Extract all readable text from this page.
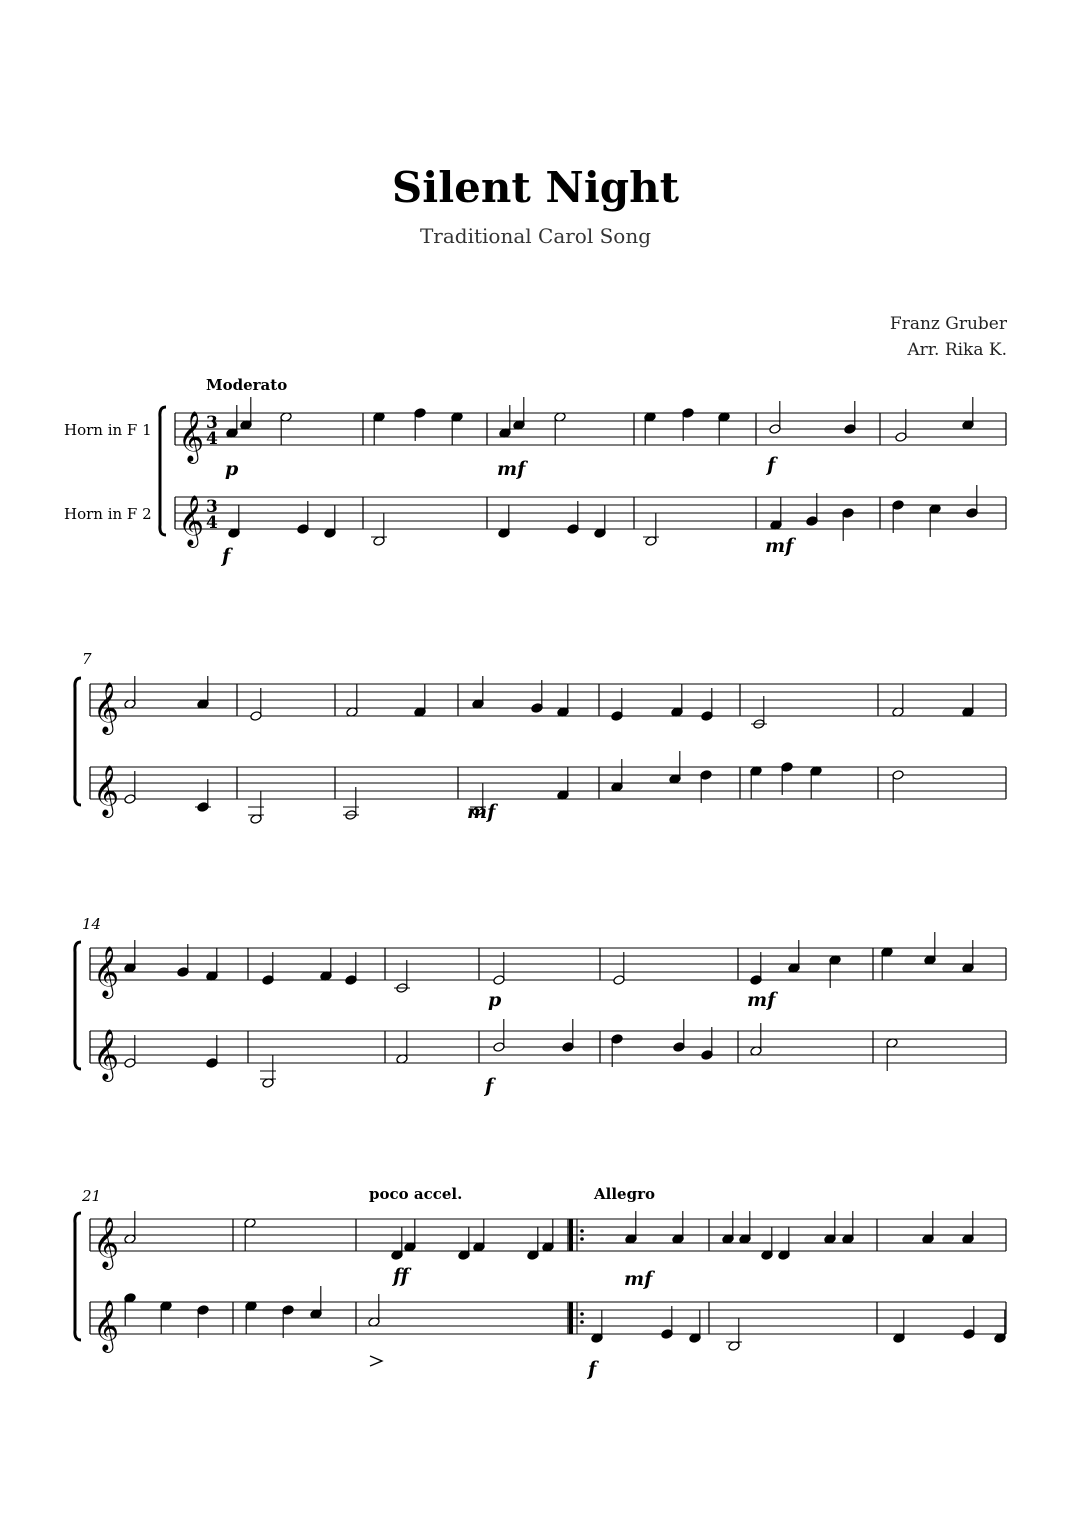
Silent Night
Traditional Carol Song
Franz Gruber
Arr. Rika K.
Horn in F 1
Horn in F 2
Moderato
poco accel.	Allegro
7
14
21
𝄞 3
4
𝄞 3
4
𝄞
𝄞
𝄞
𝄞
𝄞
𝄞
p	mf	f
f	mf
mf
p	mf
f
ff	mf
f
